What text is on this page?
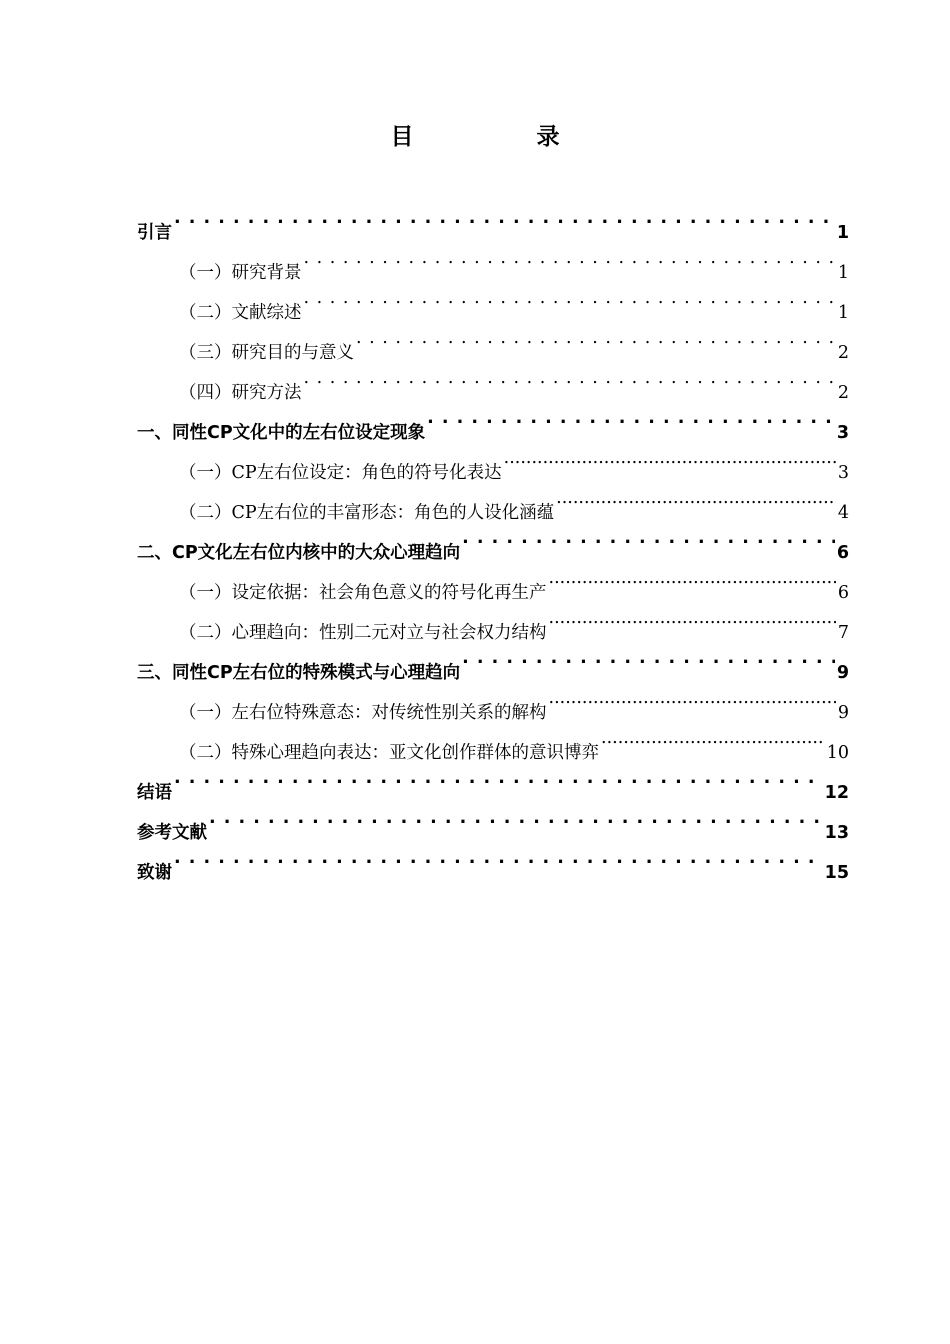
目　录
引言 . . .	1
（一）研究背景 . . .	1
（二）文献综述 . . .	1
（三）研究目的与意义 . . .	2
（四）研究方法 . . .	2
一、同性CP文化中的左右位设定现象 . . .	3
（一）CP左右位设定：角色的符号化表达 .....	3
（二）CP左右位的丰富形态：角色的人设化涵蕴 .....	4
二、CP文化左右位内核中的大众心理趋向 . . .	6
（一）设定依据：社会角色意义的符号化再生产 .....	6
（二）心理趋向：性别二元对立与社会权力结构 .....	7
三、同性CP左右位的特殊模式与心理趋向 . . .	9
（一）左右位特殊意态：对传统性别关系的解构 .....	9
（二）特殊心理趋向表达：亚文化创作群体的意识博弈 .....	10
结语 . . .	12
参考文献 . . .	13
致谢 . . .	15
